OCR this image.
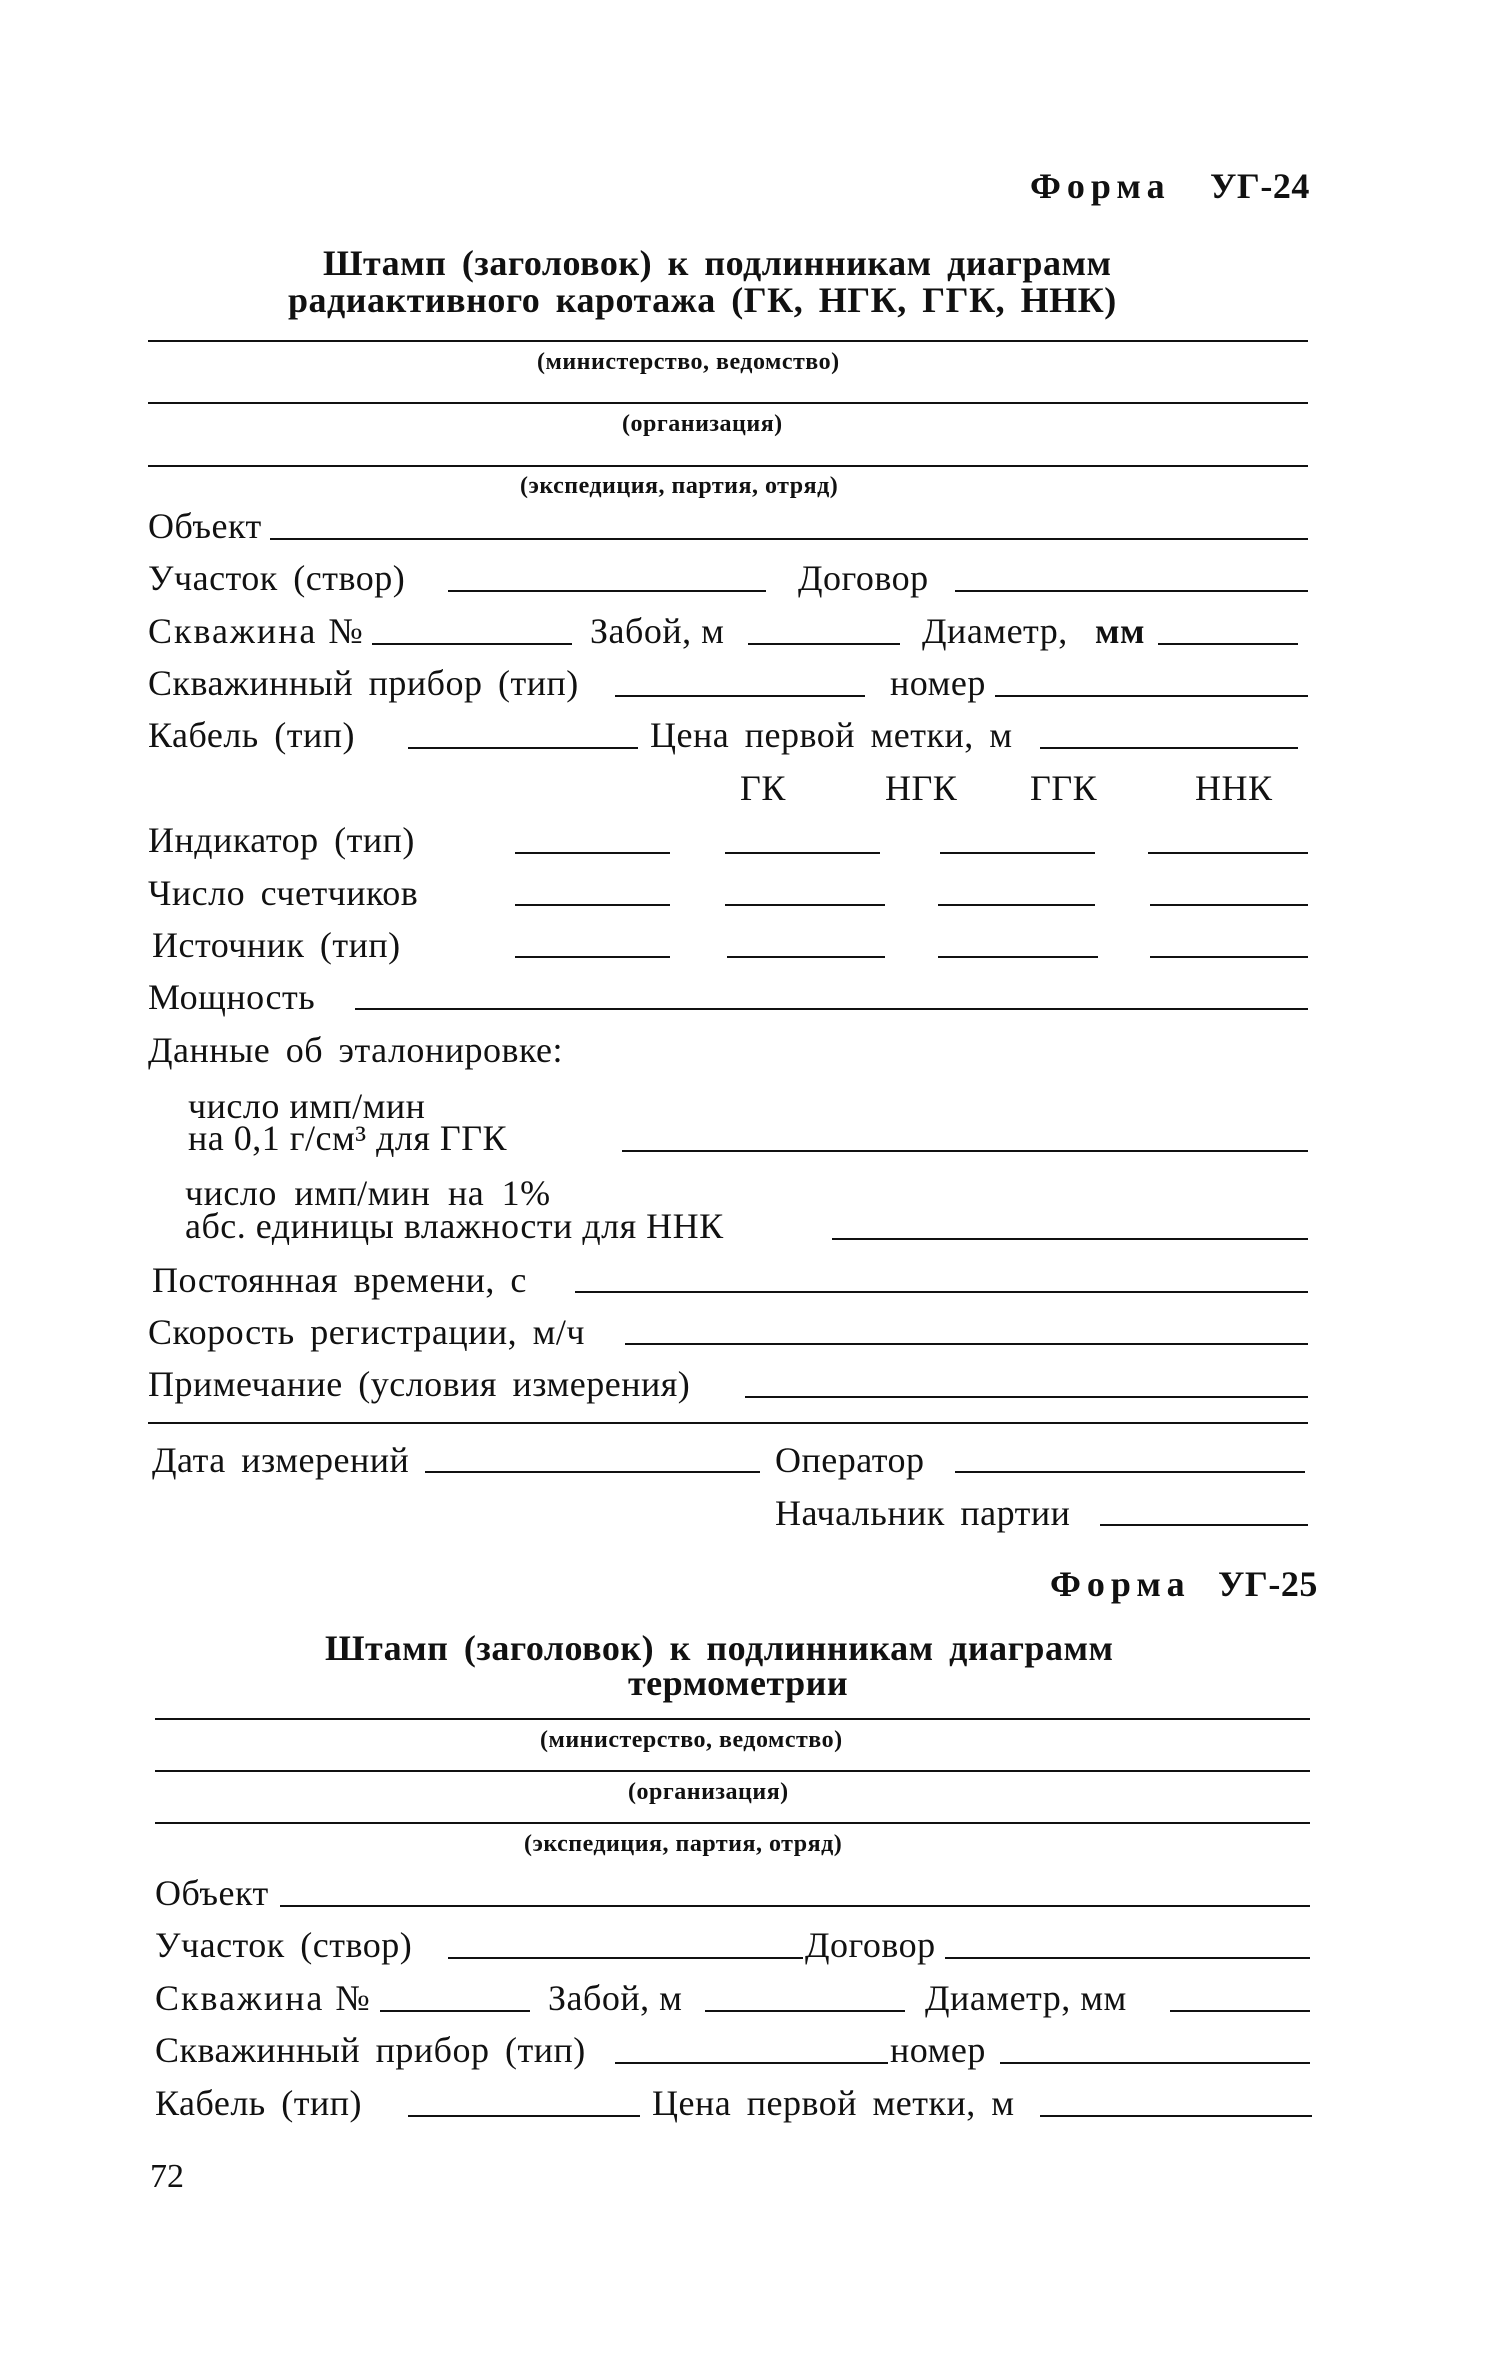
Форма УГ-24
Штамп (заголовок) к подлинникам диаграмм
радиактивного каротажа (ГК, НГК, ГГК, ННК)
(министерство, ведомство)
(организация)
(экспедиция, партия, отряд)
Объект
Участок (створ)	Договор
Скважина №	Забой, м	Диаметр, мм
Скважинный прибор (тип)	номер
Кабель (тип)	Цена первой метки, м
ГК	НГК ГГК	ННК
Индикатор (тип)
Число счетчиков
Источник (тип)
Мощность
Данные об эталонировке:
число имп/мин
на 0,1 г/см³ для ГГК
число имп/мин на 1%
абс. единицы влажности для ННК
Постоянная времени, с
Скорость регистрации, м/ч
Примечание (условия измерения)
Дата измерений	Оператор
Начальник партии
Форма УГ-25
Штамп (заголовок) к подлинникам диаграмм
термометрии
(министерство, ведомство)
(организация)
(экспедиция, партия, отряд)
Объект
Участок (створ)	Договор
Скважина №	Забой, м	Диаметр, мм
Скважинный прибор (тип)	номер
Кабель (тип)	Цена первой метки, м
72
